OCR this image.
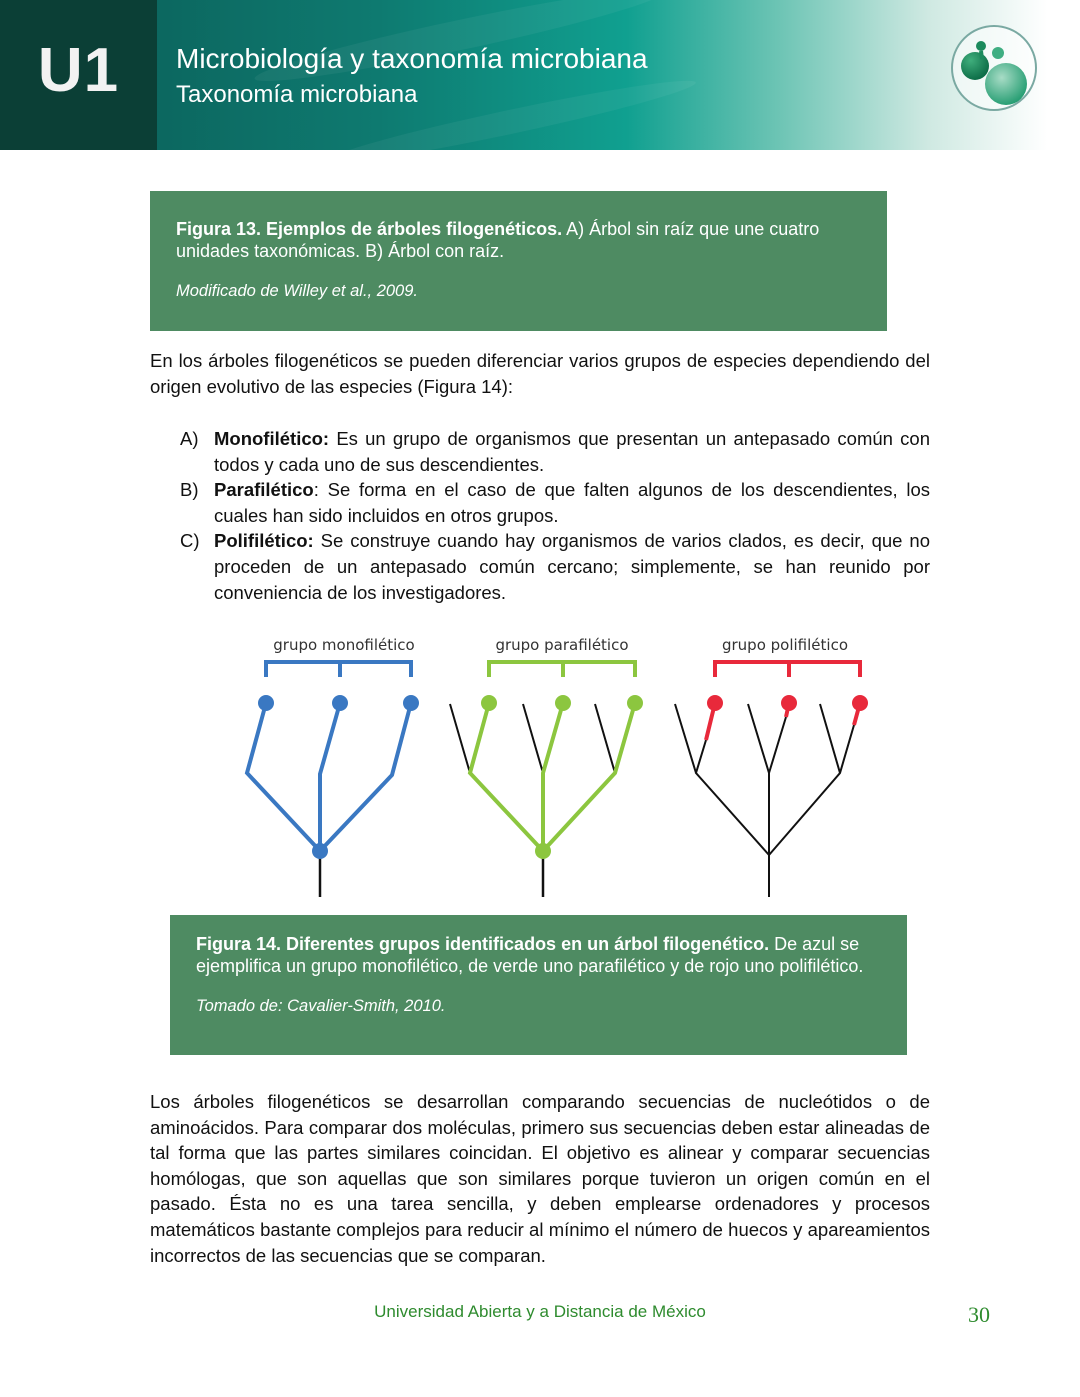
U1 Microbiología y taxonomía microbiana
Taxonomía microbiana
Figura 13. Ejemplos de árboles filogenéticos. A) Árbol sin raíz que une cuatro unidades taxonómicas. B) Árbol con raíz.
Modificado de Willey et al., 2009.
En los árboles filogenéticos se pueden diferenciar varios grupos de especies dependiendo del origen evolutivo de las especies (Figura 14):
A) Monofilético: Es un grupo de organismos que presentan un antepasado común con todos y cada uno de sus descendientes.
B) Parafilético: Se forma en el caso de que falten algunos de los descendientes, los cuales han sido incluidos en otros grupos.
C) Polifilético: Se construye cuando hay organismos de varios clados, es decir, que no proceden de un antepasado común cercano; simplemente, se han reunido por conveniencia de los investigadores.
grupo monofilético	grupo parafilético	grupo polifilético
Figura 14. Diferentes grupos identificados en un árbol filogenético. De azul se ejemplifica un grupo monofilético, de verde uno parafilético y de rojo uno polifilético.
Tomado de: Cavalier-Smith, 2010.
Los árboles filogenéticos se desarrollan comparando secuencias de nucleótidos o de aminoácidos. Para comparar dos moléculas, primero sus secuencias deben estar alineadas de tal forma que las partes similares coincidan. El objetivo es alinear y comparar secuencias homólogas, que son aquellas que son similares porque tuvieron un origen común en el pasado. Ésta no es una tarea sencilla, y deben emplearse ordenadores y procesos matemáticos bastante complejos para reducir al mínimo el número de huecos y apareamientos incorrectos de las secuencias que se comparan.
Universidad Abierta y a Distancia de México	30
